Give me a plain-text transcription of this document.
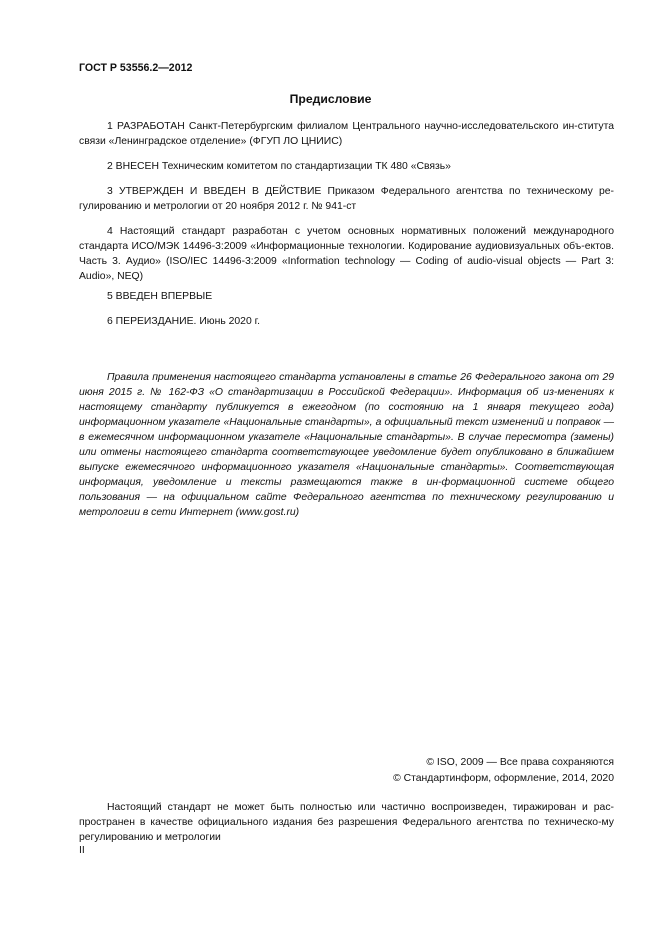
ГОСТ Р 53556.2—2012
Предисловие

1 РАЗРАБОТАН Санкт-Петербургским филиалом Центрального научно-исследовательского ин-ститута связи «Ленинградское отделение» (ФГУП ЛО ЦНИИС)

2 ВНЕСЕН Техническим комитетом по стандартизации ТК 480 «Связь»

3 УТВЕРЖДЕН И ВВЕДЕН В ДЕЙСТВИЕ Приказом Федерального агентства по техническому ре-гулированию и метрологии от 20 ноября 2012 г. № 941-ст

4 Настоящий стандарт разработан с учетом основных нормативных положений международного стандарта ИСО/МЭК 14496-3:2009 «Информационные технологии. Кодирование аудиовизуальных объ-ектов. Часть 3. Аудио» (ISO/IEC 14496-3:2009 «Information technology — Coding of audio-visual objects — Part 3: Audio», NEQ)

5 ВВЕДЕН ВПЕРВЫЕ

6 ПЕРЕИЗДАНИЕ. Июнь 2020 г.

Правила применения настоящего стандарта установлены в статье 26 Федерального закона от 29 июня 2015 г. № 162-ФЗ «О стандартизации в Российской Федерации». Информация об из-менениях к настоящему стандарту публикуется в ежегодном (по состоянию на 1 января текущего года) информационном указателе «Национальные стандарты», а официальный текст изменений и поправок — в ежемесячном информационном указателе «Национальные стандарты». В случае пересмотра (замены) или отмены настоящего стандарта соответствующее уведомление будет опубликовано в ближайшем выпуске ежемесячного информационного указателя «Национальные стандарты». Соответствующая информация, уведомление и тексты размещаются также в ин-формационной системе общего пользования — на официальном сайте Федерального агентства по техническому регулированию и метрологии в сети Интернет (www.gost.ru)

© ISO, 2009 — Все права сохраняются
© Стандартинформ, оформление, 2014, 2020

Настоящий стандарт не может быть полностью или частично воспроизведен, тиражирован и рас-пространен в качестве официального издания без разрешения Федерального агентства по техническо-му регулированию и метрологии

II
